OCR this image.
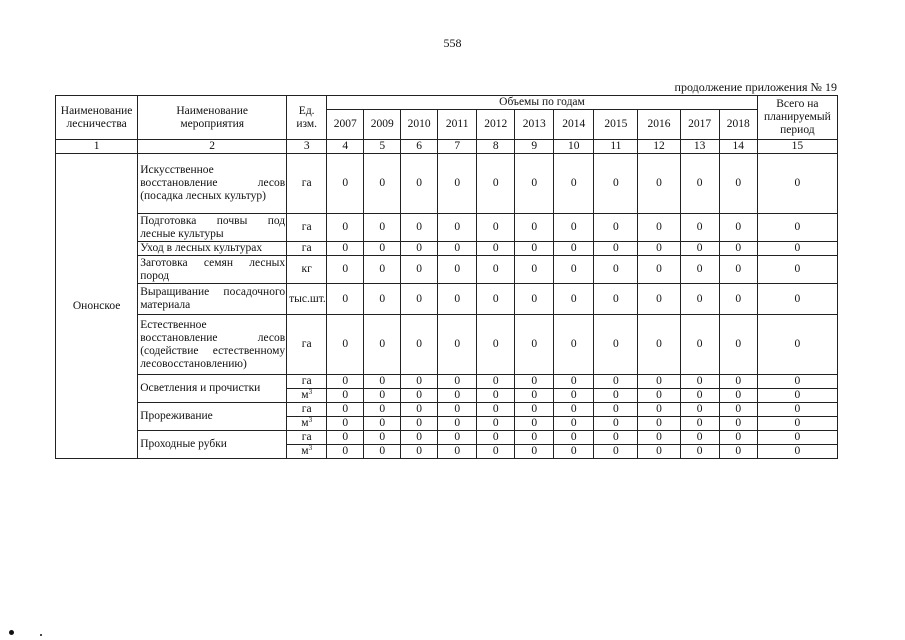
558
продолжение приложения № 19
Наименование лесничества	Наименование мероприятия	Ед. изм.	Объемы по годам											Всего на планируемый период
			2007	2009	2010	2011	2012	2013	2014	2015	2016	2017	2018	
1	2	3	4	5	6	7	8	9	10	11	12	13	14	15
Ононское	Искусственное восстановление лесов (посадка лесных культур)	га	0	0	0	0	0	0	0	0	0	0	0	0
	Подготовка почвы под лесные культуры	га	0	0	0	0	0	0	0	0	0	0	0	0
	Уход в лесных культурах	га	0	0	0	0	0	0	0	0	0	0	0	0
	Заготовка семян лесных пород	кг	0	0	0	0	0	0	0	0	0	0	0	0
	Выращивание посадочного материала	тыс.шт.	0	0	0	0	0	0	0	0	0	0	0	0
	Естественное восстановление лесов (содействие естественному лесовосстановлению)	га	0	0	0	0	0	0	0	0	0	0	0	0
	Осветления и прочистки	га	0	0	0	0	0	0	0	0	0	0	0	0
		$м^3$	0	0	0	0	0	0	0	0	0	0	0	0
	Прореживание	га	0	0	0	0	0	0	0	0	0	0	0	0
		$м^3$	0	0	0	0	0	0	0	0	0	0	0	0
	Проходные рубки	га	0	0	0	0	0	0	0	0	0	0	0	0
		$м^3$	0	0	0	0	0	0	0	0	0	0	0	0
